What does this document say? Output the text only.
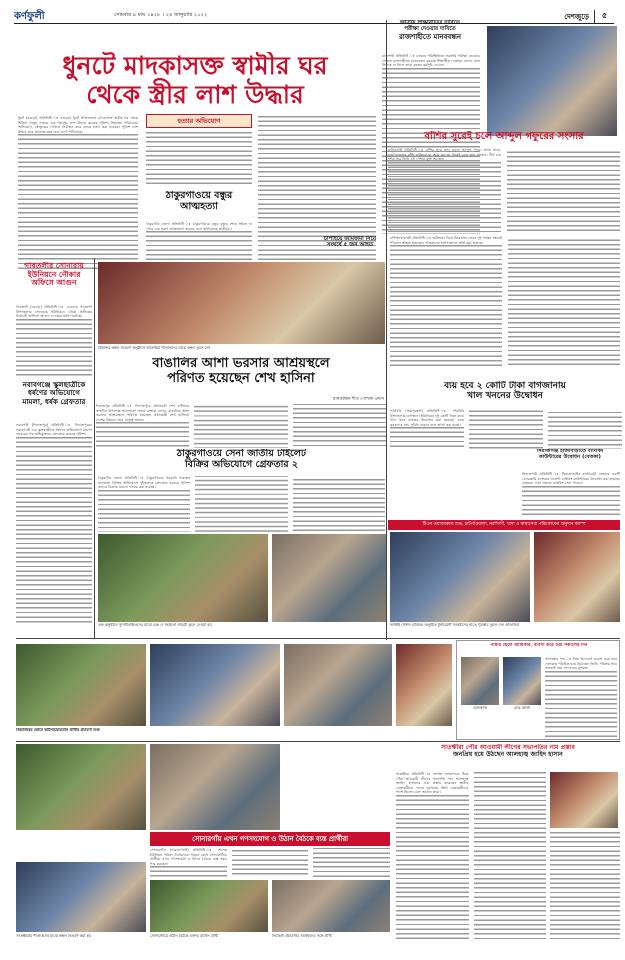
কর্ণফুলী	সোমবার ৯ মাঘ ১৪২৮ । ২৪ জানুয়ারি ২০২২	দেশজুড়ে	৫
ধুনটে মাদকাসক্ত স্বামীর ঘর
থেকে স্ত্রীর লাশ উদ্ধার
ধুনট (বগুড়া) প্রতিনিধি ঃ বগুড়ার ধুনট উপজেলায় মাদকাসক্ত স্বামীর ঘর থেকে শিরিনা খাতুন নামের এক গৃহবধূর লাশ উদ্ধার করেছে পুলিশ। নিহতের পরিবারের অভিযোগ, যৌতুকের দাবিতে নির্যাতন করে তাকে হত্যা করা হয়েছে। পুলিশ লাশ উদ্ধার করে ময়নাতদন্তের জন্য মর্গে পাঠিয়েছে।
হত্যার অভিযোগ
ঠাকুরগাঁওয়ে বন্ধুর
আত্মহত্যা
ঠাকুরগাঁও জেলা প্রতিনিধি ঃ ঠাকুরগাঁওয়ে বন্ধুর মৃত্যুর শোক সইতে না পেরে এক তরুণ আত্মহত্যা করেছে বলে জানিয়েছে স্থানীয়রা।
জাতীয় শিক্ষানীতির দাবিতে
পরীক্ষা দেওয়ার দাবিতে
রাজশাহীতে মানববন্ধন
রাজশাহী প্রতিনিধি ঃ চলমান পরিস্থিতিতে সরাসরি পরীক্ষা নেওয়ার দাবিতে রাজশাহীতে মানববন্ধন করেছে শিক্ষার্থীরা। বক্তারা বলেন, দ্রুত সিদ্ধান্ত না নিলে তারা বৃহত্তর কর্মসূচি দেবেন।
বাঁশির সুরেই চলে আব্দুল গফুরের সংসার
মানিকগঞ্জ প্রতিনিধি ঃ বাঁশির সুরে জাদু ছড়ান আব্দুল গফুর। গ্রামে গ্রামে, হাটে-বাজারে বাঁশি বাজিয়ে যা আয় হয় তা দিয়েই চলে তার সংসার। দীর্ঘ চার দশক ধরে তিনি এই পেশায় যুক্ত আছেন।
গাবতলীর সোনারায়
ইউনিয়নে নৌকার
অফিসে আগুন
গাবতলী (বগুড়া) প্রতিনিধি ঃ বগুড়ার গাবতলী উপজেলার সোনারায় ইউনিয়নে নৌকা প্রতীকের নির্বাচনী অফিসে আগুন দেওয়ার ঘটনা ঘটেছে।
ঠিকানার কম্বল বিতরণ অনুষ্ঠানে অতিথিরা শীতার্তদের মাঝে কম্বল তুলে দেন
বাঙালির আশা ভরসার আশ্রয়স্থলে
পরিণত হয়েছেন শেখ হাসিনা
মানববন্ধন শীত পোশাক প্রদান
দিনাজপুর প্রতিনিধি ঃ দিনাজপুরে প্রধানমন্ত্রী শেখ হাসিনার জন্মদিন উপলক্ষে আলোচনা সভায় বক্তারা বলেন, বাঙালির আশা ভরসার আশ্রয়স্থলে পরিণত হয়েছেন প্রধানমন্ত্রী শেখ হাসিনা। দেশের উন্নয়নে তার নেতৃত্ব অনন্য।
নবাবগঞ্জে স্কুলছাত্রীকে
ধর্ষণের অভিযোগে
মামলা, ধর্ষক গ্রেফতার
নবাবগঞ্জ (দিনাজপুর) প্রতিনিধি ঃ দিনাজপুরের নবাবগঞ্জে এক স্কুলছাত্রীকে ধর্ষণের অভিযোগে মামলা দায়েরের পর অভিযুক্তকে গ্রেফতার করেছে পুলিশ।
চাঁপাইয়ে জমিজমা নিয়ে
সংঘর্ষে ৫ জন আহত
চাঁপাইনবাবগঞ্জ প্রতিনিধি ঃ জমিজমা নিয়ে বিরোধের জেরে দুই পক্ষের সংঘর্ষে পাঁচজন আহত হয়েছেন। আহতদের হাসপাতালে ভর্তি করা হয়েছে।
ব্যয় হবে ২ কোটি টাকা বাগজানায়
খাল খননের উদ্বোধন
পাঁচবিবি (জয়পুরহাট) প্রতিনিধি ঃ পাঁচবিবি উপজেলার বাগজানা ইউনিয়নে দুই কোটি টাকা ব্যয়ে খাল খনন কাজের উদ্বোধন করা হয়েছে। এতে কৃষকদের সেচ সুবিধা বাড়বে বলে আশা করা হচ্ছে।
ঠাকুরগাঁওয়ে সেনা জাতীয় টাইলেট
বিক্রির অভিযোগে গ্রেফতার ২
ঠাকুরগাঁও জেলা প্রতিনিধি ঃ ঠাকুরগাঁওয়ে সরকারি প্রকল্পের মালামাল বিক্রির অভিযোগে দুইজনকে গ্রেফতার করেছে পুলিশ। তাদের বিরুদ্ধে মামলা দায়ের করা হয়েছে।
সিরাজগঞ্জ হাজীবাড়ীতে ব্যাংকিং
কাউন্টারের উদ্বোধন (বেতকা)
সিরাজগঞ্জ প্রতিনিধি ঃ সিরাজগঞ্জের হাজীবাড়ী বাজারে একটি বেসরকারি ব্যাংকের এজেন্ট ব্যাংকিং কাউন্টারের উদ্বোধন করা হয়েছে। গ্রাহকরা এখন সহজে ব্যাংকিং সেবা পাবেন।
টিএন তয়াজাকাত শুভ, চাটগাঁওয়ালা, নরসিংদী, খাদ্য ও স্বাস্থ্যসেবা পরিচালকের অনুদান ক্যাম্প
এক অনুষ্ঠানে সুবিধাবঞ্চিতদের মাঝে চেক ও সহায়তা সামগ্রী তুলে দেওয়া হয়	কাপ্তাই স্টেশন গ্রাউন্ডে অনুষ্ঠিত টুর্নামেন্টে বিজয়ীদের হাতে পুরস্কার তুলে দেন অতিথিরা
নাম্বার ছেলে আধিকার, ব্যবসা করে ওঠা সকালের দিন
আলহাজ্ব	মোঃ আলী
সফলতার গল্প ঃ নিজ উদ্যোগে ব্যবসা শুরু করে এলাকায় পরিচিত হয়ে উঠেছেন তিনি। পরিশ্রম আর সততাই তার সাফল্যের মূলমন্ত্র।
জিয়াউরের ভোটে ভাইসচেয়ারম্যান প্রার্থীর প্রচারণা শুরু
সোনারগাঁয় এখন গণসংযোগ ও উঠান বৈঠকে ব্যস্ত প্রার্থীরা
সোনারগাঁও (নারায়ণগঞ্জ) প্রতিনিধি ঃ আসন্ন ইউনিয়ন পরিষদ নির্বাচনকে সামনে রেখে সোনারগাঁয়ে প্রার্থীরা এখন গণসংযোগ ও উঠান বৈঠকে ব্যস্ত সময় পার করছেন।
সাতক্ষীরা পৌর আওয়ামী লীগের সভাপতির নাম প্রস্তাব
জনপ্রিয় হয়ে উঠছেন আলহাজ্ব জাহিদ হাসান
সাতক্ষীরা প্রতিনিধি ঃ আসন্ন সম্মেলনকে ঘিরে পৌর আওয়ামী লীগের সভাপতি পদে আলহাজ্ব জাহিদ হাসানের নাম প্রস্তাব করেছেন স্থানীয় নেতাকর্মীরা। দলের দুঃসময়ে তিনি নেতাকর্মীদের পাশে ছিলেন বলে জানান তারা।
সাতক্ষীরায় শীতার্তদের মাঝে কম্বল বিতরণ করা হয়	সোনারগাঁয়ে উঠান বৈঠকে বক্তব্য রাখেন প্রার্থী	নির্বাচনী প্রচারণায় সমর্থকদের সঙ্গে প্রার্থী
